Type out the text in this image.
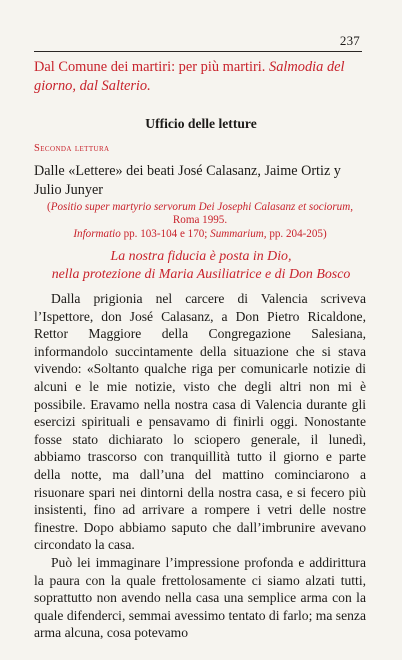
237
Dal Comune dei martiri: per più martiri. Salmodia del giorno, dal Salterio.
Ufficio delle letture
Seconda lettura
Dalle «Lettere» dei beati José Calasanz, Jaime Ortiz y Julio Junyer
(Positio super martyrio servorum Dei Josephi Calasanz et sociorum, Roma 1995.
Informatio pp. 103-104 e 170; Summarium, pp. 204-205)
La nostra fiducia è posta in Dio,
nella protezione di Maria Ausiliatrice e di Don Bosco

Dalla prigionia nel carcere di Valencia scriveva l’Ispettore, don José Calasanz, a Don Pietro Ricaldone, Rettor Maggiore della Congregazione Salesiana, informandolo succintamente della situazione che si stava vivendo: «Soltanto qualche riga per comunicarle notizie di alcuni e le mie notizie, visto che degli altri non mi è possibile. Eravamo nella nostra casa di Valencia durante gli esercizi spirituali e pensavamo di finirli oggi. Nonostante fosse stato dichiarato lo sciopero generale, il lunedì, abbiamo trascorso con tranquillità tutto il giorno e parte della notte, ma dall’una del mattino cominciarono a risuonare spari nei dintorni della nostra casa, e si fecero più insistenti, fino ad arrivare a rompere i vetri delle nostre finestre. Dopo abbiamo saputo che dall’imbrunire avevano circondato la casa.

Può lei immaginare l’impressione profonda e addirittura la paura con la quale frettolosamente ci siamo alzati tutti, soprattutto non avendo nella casa una semplice arma con la quale difenderci, semmai avessimo tentato di farlo; ma senza arma alcuna, cosa potevamo
